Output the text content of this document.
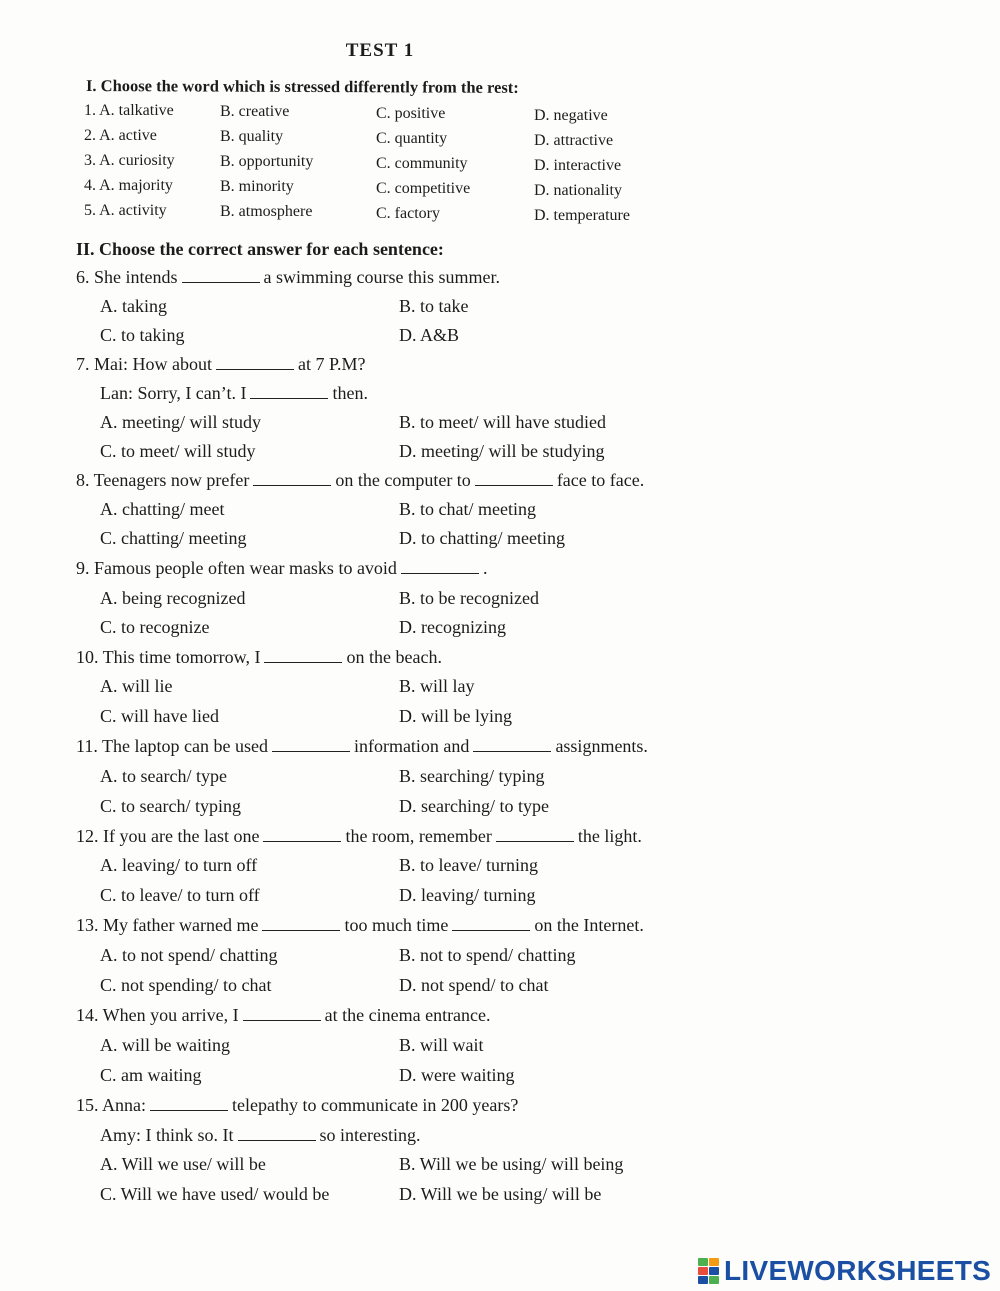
TEST 1
I. Choose the word which is stressed differently from the rest:
1. A. talkative	B. creative	C. positive	D. negative
2. A. active	B. quality	C. quantity	D. attractive
3. A. curiosity	B. opportunity	C. community	D. interactive
4. A. majority	B. minority	C. competitive	D. nationality
5. A. activity	B. atmosphere	C. factory	D. temperature
II. Choose the correct answer for each sentence:
6. She intends	a swimming course this summer.
A. taking	B. to take
C. to taking	D. A&B
7. Mai: How about	at 7 P.M?
Lan: Sorry, I can’t. I	then.
A. meeting/ will study	B. to meet/ will have studied
C. to meet/ will study	D. meeting/ will be studying
8. Teenagers now prefer	on the computer to	face to face.
A. chatting/ meet	B. to chat/ meeting
C. chatting/ meeting	D. to chatting/ meeting
9. Famous people often wear masks to avoid	.
A. being recognized	B. to be recognized
C. to recognize	D. recognizing
10. This time tomorrow, I	on the beach.
A. will lie	B. will lay
C. will have lied	D. will be lying
11. The laptop can be used	information and	assignments.
A. to search/ type	B. searching/ typing
C. to search/ typing	D. searching/ to type
12. If you are the last one	the room, remember	the light.
A. leaving/ to turn off	B. to leave/ turning
C. to leave/ to turn off	D. leaving/ turning
13. My father warned me	too much time	on the Internet.
A. to not spend/ chatting	B. not to spend/ chatting
C. not spending/ to chat	D. not spend/ to chat
14. When you arrive, I	at the cinema entrance.
A. will be waiting	B. will wait
C. am waiting	D. were waiting
15. Anna:	telepathy to communicate in 200 years?
Amy: I think so. It	so interesting.
A. Will we use/ will be	B. Will we be using/ will being
C. Will we have used/ would be	D. Will we be using/ will be
LIVEWORKSHEETS
